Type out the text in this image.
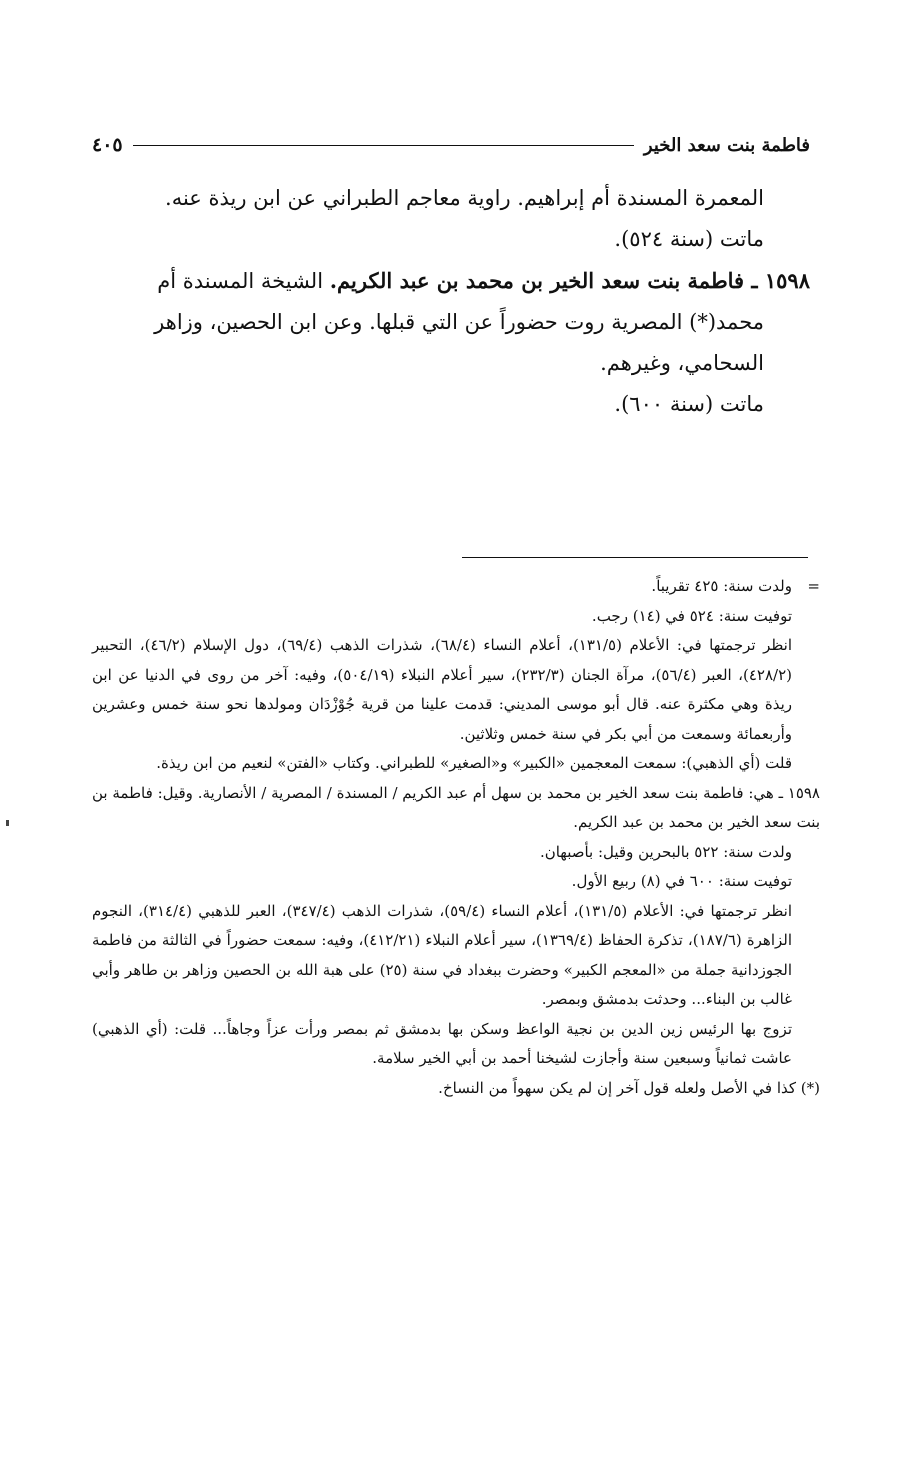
فاطمة بنت سعد الخير
٤٠٥

المعمرة المسندة أم إبراهيم. راوية معاجم الطبراني عن ابن ريذة عنه.

ماتت (سنة ٥٢٤).

١٥٩٨ ـ فاطمة بنت سعد الخير بن محمد بن عبد الكريم. الشيخة المسندة أم

محمد(*) المصرية روت حضوراً عن التي قبلها. وعن ابن الحصين، وزاهر

السحامي، وغيرهم.

ماتت (سنة ٦٠٠).

=
ولدت سنة: ٤٢٥ تقريباً.

توفيت سنة: ٥٢٤ في (١٤) رجب.

انظر ترجمتها في: الأعلام (١٣١/٥)، أعلام النساء (٦٨/٤)، شذرات الذهب (٦٩/٤)، دول الإسلام (٤٦/٢)، التحبير (٤٢٨/٢)، العبر (٥٦/٤)، مرآة الجنان (٢٣٢/٣)، سير أعلام النبلاء (٥٠٤/١٩)، وفيه: آخر من روى في الدنيا عن ابن ريذة وهي مكثرة عنه. قال أبو موسى المديني: قدمت علينا من قرية جُوْزْدَان ومولدها نحو سنة خمس وعشرين وأربعمائة وسمعت من أبي بكر في سنة خمس وثلاثين.

قلت (أي الذهبي): سمعت المعجمين «الكبير» و«الصغير» للطبراني. وكتاب «الفتن» لنعيم من ابن ريذة.

١٥٩٨ ـ هي: فاطمة بنت سعد الخير بن محمد بن سهل أم عبد الكريم / المسندة / المصرية / الأنصارية. وقيل: فاطمة بن بنت سعد الخير بن محمد بن عبد الكريم.

ولدت سنة: ٥٢٢ بالبحرين وقيل: بأصبهان.

توفيت سنة: ٦٠٠ في (٨) ربيع الأول.

انظر ترجمتها في: الأعلام (١٣١/٥)، أعلام النساء (٥٩/٤)، شذرات الذهب (٣٤٧/٤)، العبر للذهبي (٣١٤/٤)، النجوم الزاهرة (١٨٧/٦)، تذكرة الحفاظ (١٣٦٩/٤)، سير أعلام النبلاء (٤١٢/٢١)، وفيه: سمعت حضوراً في الثالثة من فاطمة الجوزدانية جملة من «المعجم الكبير» وحضرت ببغداد في سنة (٢٥) على هبة الله بن الحصين وزاهر بن طاهر وأبي غالب بن البناء... وحدثت بدمشق وبمصر.

تزوج بها الرئيس زين الدين بن نجية الواعظ وسكن بها بدمشق ثم بمصر ورأت عزاً وجاهاً... قلت: (أي الذهبي) عاشت ثمانياً وسبعين سنة وأجازت لشيخنا أحمد بن أبي الخير سلامة.

(*) كذا في الأصل ولعله قول آخر إن لم يكن سهواً من النساخ.
